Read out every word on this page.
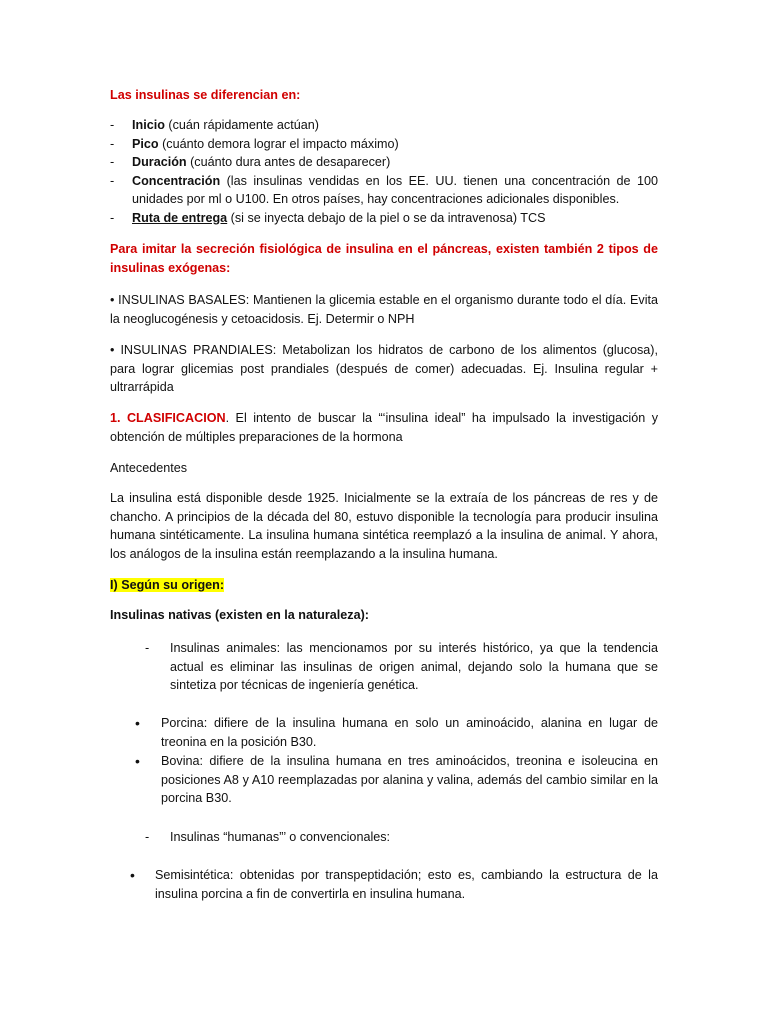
Las insulinas se diferencian en:

- Inicio (cuán rápidamente actúan)
- Pico (cuánto demora lograr el impacto máximo)
- Duración (cuánto dura antes de desaparecer)
- Concentración (las insulinas vendidas en los EE. UU. tienen una concentración de 100 unidades por ml o U100. En otros países, hay concentraciones adicionales disponibles.
- Ruta de entrega (si se inyecta debajo de la piel o se da intravenosa) TCS

Para imitar la secreción fisiológica de insulina en el páncreas, existen también 2 tipos de insulinas exógenas:

• INSULINAS BASALES: Mantienen la glicemia estable en el organismo durante todo el día. Evita la neoglucogénesis y cetoacidosis. Ej. Determir o NPH

• INSULINAS PRANDIALES: Metabolizan los hidratos de carbono de los alimentos (glucosa), para lograr glicemias post prandiales (después de comer) adecuadas. Ej. Insulina regular + ultrarrápida

1. CLASIFICACION. El intento de buscar la “‘insulina ideal” ha impulsado la investigación y obtención de múltiples preparaciones de la hormona

Antecedentes

La insulina está disponible desde 1925. Inicialmente se la extraía de los páncreas de res y de chancho. A principios de la década del 80, estuvo disponible la tecnología para producir insulina humana sintéticamente. La insulina humana sintética reemplazó a la insulina de animal. Y ahora, los análogos de la insulina están reemplazando a la insulina humana.

I) Según su origen:

Insulinas nativas (existen en la naturaleza):

-	Insulinas animales: las mencionamos por su interés histórico, ya que la tendencia actual es eliminar las insulinas de origen animal, dejando solo la humana que se sintetiza por técnicas de ingeniería genética.

•	Porcina: difiere de la insulina humana en solo un aminoácido, alanina en lugar de treonina en la posición B30.

•	Bovina: difiere de la insulina humana en tres aminoácidos, treonina e isoleucina en posiciones A8 y A10 reemplazadas por alanina y valina, además del cambio similar en la porcina B30.

-	Insulinas “humanas”’ o convencionales:

•	Semisintética: obtenidas por transpeptidación; esto es, cambiando la estructura de la insulina porcina a fin de convertirla en insulina humana.
